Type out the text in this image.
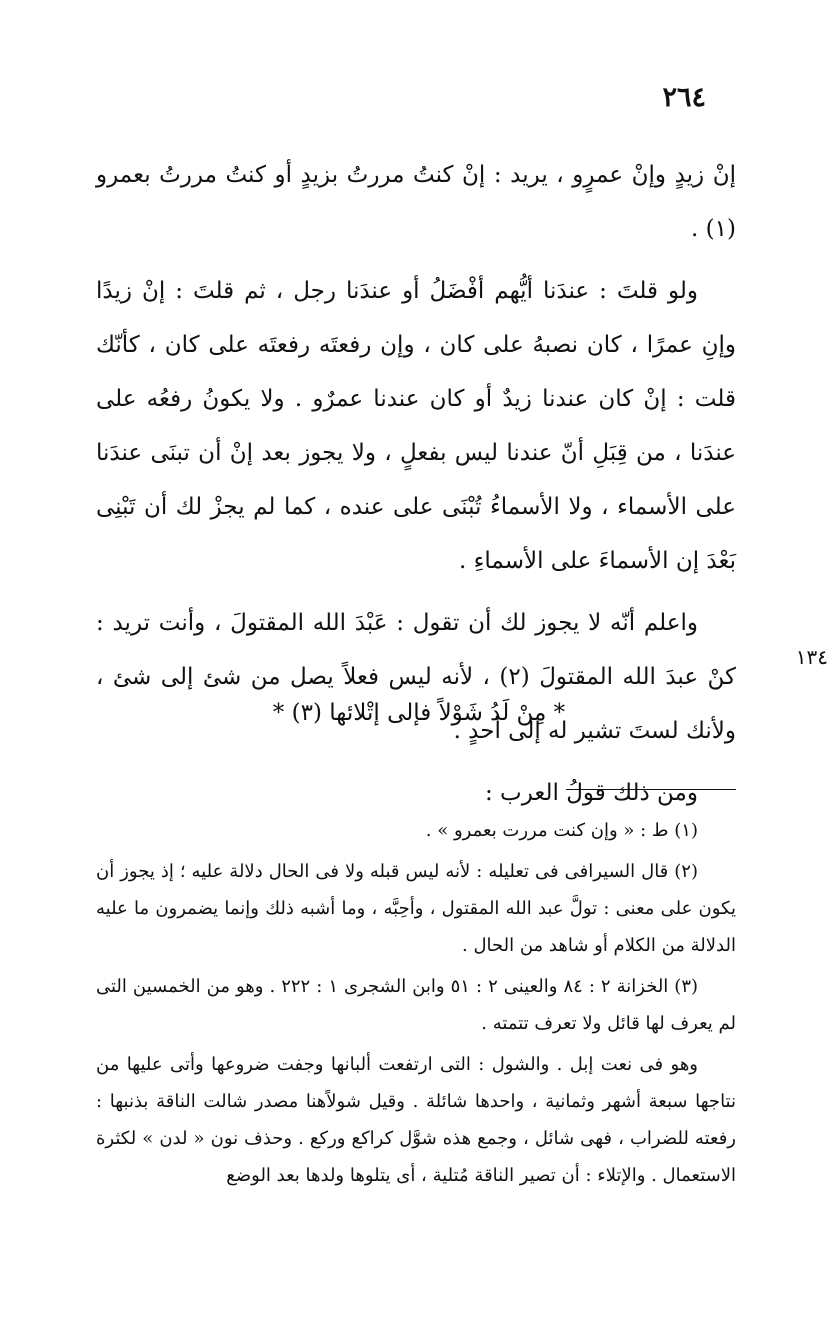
٢٦٤

إنْ زيدٍ وإنْ عمرٍو ، يريد : إنْ كنتُ مررتُ بزيدٍ أو كنتُ مررتُ بعمرو (١) .

ولو قلتَ : عندَنا أيُّهم أفْضَلُ أو عندَنا رجل ، ثم قلتَ : إنْ زيدًا وإنِ عمرًا ، كان نصبهُ على كان ، وإن رفعتَه رفعتَه على كان ، كأنّك قلت : إنْ كان عندنا زيدٌ أو كان عندنا عمرٌو . ولا يكونُ رفعُه على عندَنا ، من قِبَلِ أنّ عندنا ليس بفعلٍ ، ولا يجوز بعد إنْ أن تبنَى عندَنا على الأسماء ، ولا الأسماءُ تُبْنَى على عنده ، كما لم يجزْ لك أن تَبْنِى بَعْدَ إن الأسماءَ على الأسماءِ .

واعلم أنّه لا يجوز لك أن تقول : عَبْدَ الله المقتولَ ، وأنت تريد : كنْ عبدَ الله المقتولَ (٢) ، لأنه ليس فعلاً يصل من شئ إلى شئ ، ولأنك لستَ تشير له إلى أحدٍ .

ومن ذلك قولُ العرب :

١٣٤
* مِنْ لَدُ شَوْلاً فإلى إتْلائها (٣) *

(١) ط : « وإن كنت مررت بعمرو » .

(٢) قال السيرافى فى تعليله : لأنه ليس قبله ولا فى الحال دلالة عليه ؛ إذ يجوز أن يكون على معنى : تولَّ عبد الله المقتول ، وأحِبَّه ، وما أشبه ذلك وإنما يضمرون ما عليه الدلالة من الكلام أو شاهد من الحال .

(٣) الخزانة ٢ : ٨٤ والعينى ٢ : ٥١ وابن الشجرى ١ : ٢٢٢ . وهو من الخمسين التى لم يعرف لها قائل ولا تعرف تتمته .

وهو فى نعت إبل . والشول : التى ارتفعت ألبانها وجفت ضروعها وأتى عليها من نتاجها سبعة أشهر وثمانية ، واحدها شائلة . وقيل شولاًهنا مصدر شالت الناقة بذنبها : رفعته للضراب ، فهى شائل ، وجمع هذه شوَّل كراكع وركع . وحذف نون « لدن » لكثرة الاستعمال . والإتلاء : أن تصير الناقة مُتلية ، أى يتلوها ولدها بعد الوضع
